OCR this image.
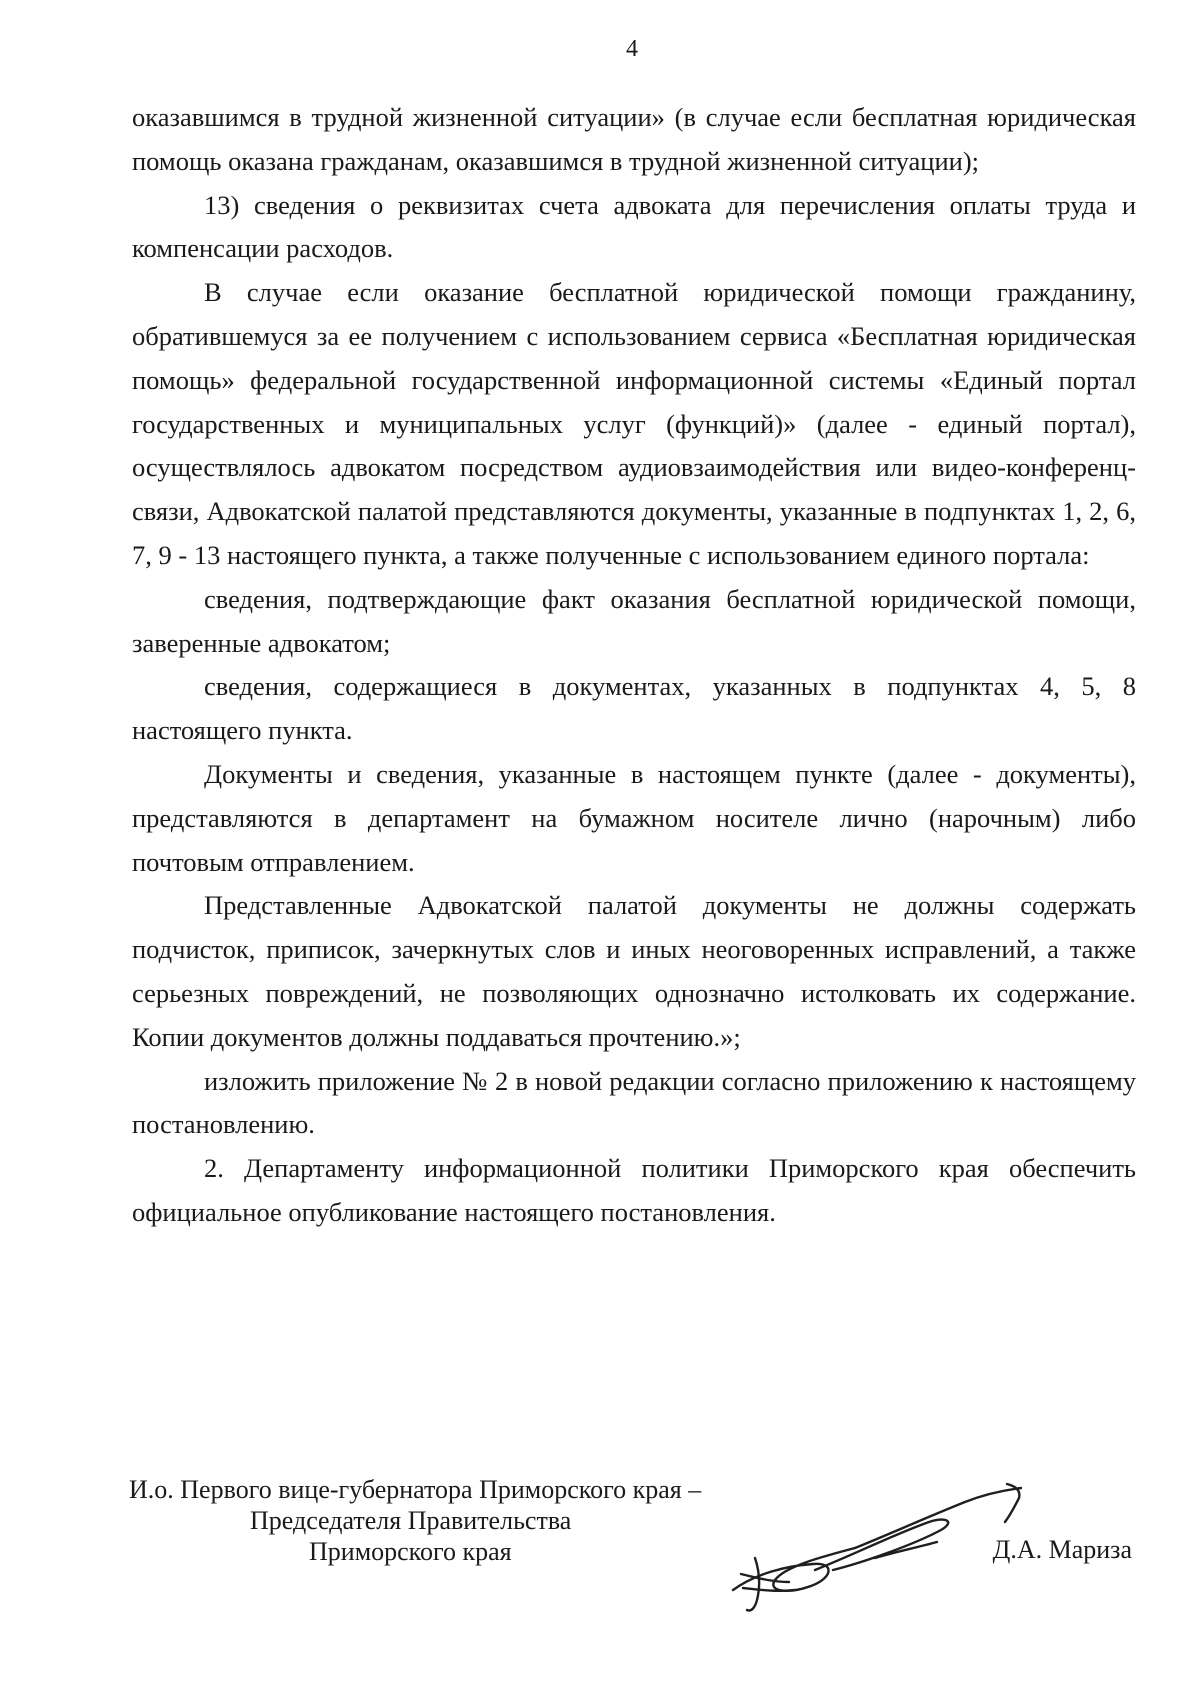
4

оказавшимся в трудной жизненной ситуации» (в случае если бесплатная юридическая помощь оказана гражданам, оказавшимся в трудной жизненной ситуации);

13) сведения о реквизитах счета адвоката для перечисления оплаты труда и компенсации расходов.

В случае если оказание бесплатной юридической помощи гражданину, обратившемуся за ее получением с использованием сервиса «Бесплатная юридическая помощь» федеральной государственной информационной системы «Единый портал государственных и муниципальных услуг (функций)» (далее - единый портал), осуществлялось адвокатом посредством аудиовзаимодействия или видео-конференц-связи, Адвокатской палатой представляются документы, указанные в подпунктах 1, 2, 6, 7, 9 - 13 настоящего пункта, а также полученные с использованием единого портала:

сведения, подтверждающие факт оказания бесплатной юридической помощи, заверенные адвокатом;

сведения, содержащиеся в документах, указанных в подпунктах 4, 5, 8 настоящего пункта.

Документы и сведения, указанные в настоящем пункте (далее - документы), представляются в департамент на бумажном носителе лично (нарочным) либо почтовым отправлением.

Представленные Адвокатской палатой документы не должны содержать подчисток, приписок, зачеркнутых слов и иных неоговоренных исправлений, а также серьезных повреждений, не позволяющих однозначно истолковать их содержание. Копии документов должны поддаваться прочтению.»;

изложить приложение № 2 в новой редакции согласно приложению к настоящему постановлению.

2. Департаменту информационной политики Приморского края обеспечить официальное опубликование настоящего постановления.

И.о. Первого вице-губернатора Приморского края –
Председателя Правительства
Приморского края	Д.А. Мариза
